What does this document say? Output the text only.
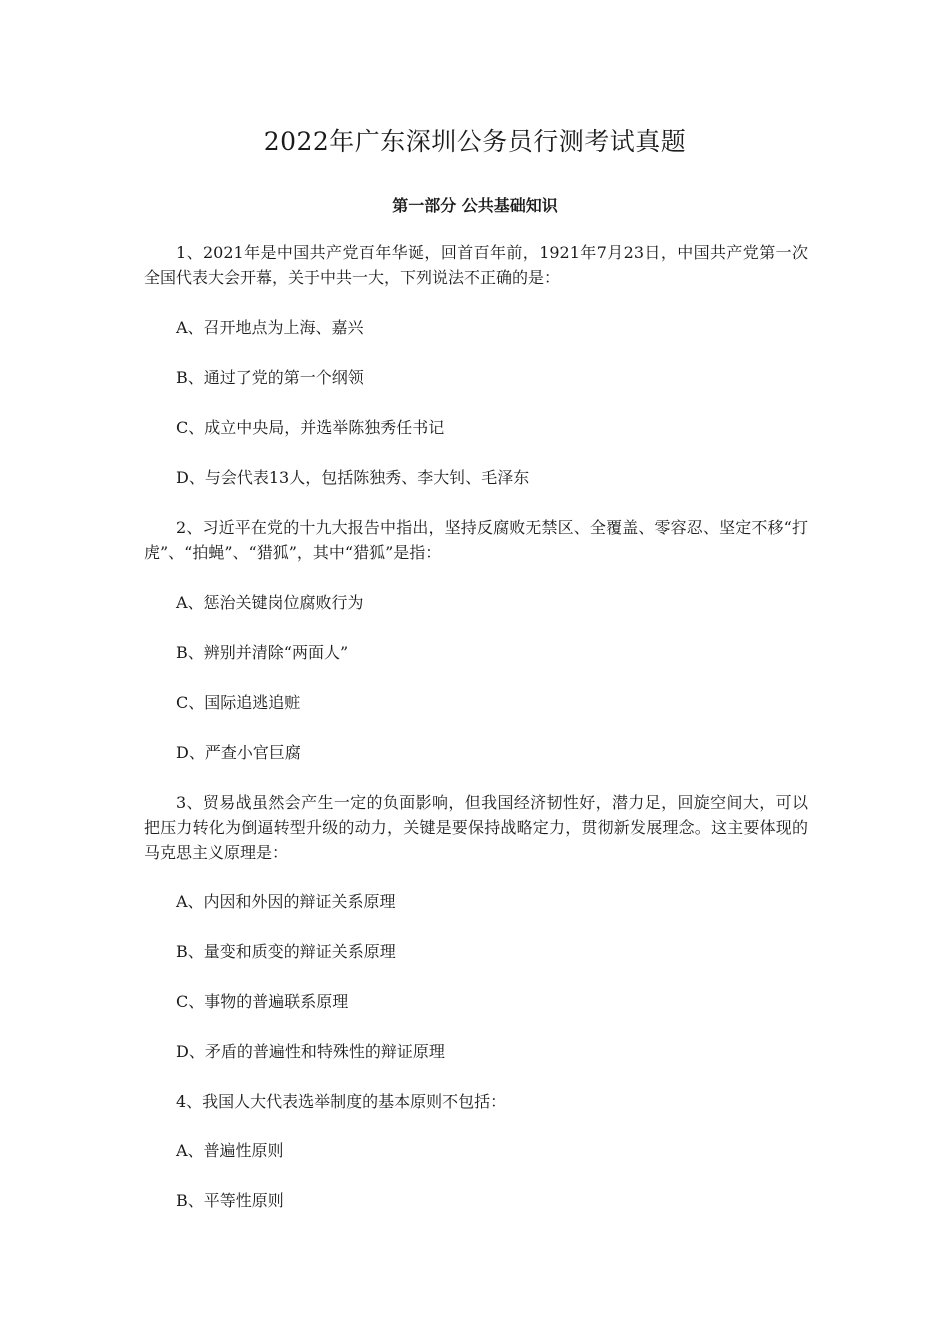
2022年广东深圳公务员行测考试真题
第一部分 公共基础知识
1、2021年是中国共产党百年华诞，回首百年前，1921年7月23日，中国共产党第一次全国代表大会开幕，关于中共一大，下列说法不正确的是：
A、召开地点为上海、嘉兴
B、通过了党的第一个纲领
C、成立中央局，并选举陈独秀任书记
D、与会代表13人，包括陈独秀、李大钊、毛泽东
2、习近平在党的十九大报告中指出，坚持反腐败无禁区、全覆盖、零容忍、坚定不移“打虎”、“拍蝇”、“猎狐”，其中“猎狐”是指：
A、惩治关键岗位腐败行为
B、辨别并清除“两面人”
C、国际追逃追赃
D、严查小官巨腐
3、贸易战虽然会产生一定的负面影响，但我国经济韧性好，潜力足，回旋空间大，可以把压力转化为倒逼转型升级的动力，关键是要保持战略定力，贯彻新发展理念。这主要体现的马克思主义原理是：
A、内因和外因的辩证关系原理
B、量变和质变的辩证关系原理
C、事物的普遍联系原理
D、矛盾的普遍性和特殊性的辩证原理
4、我国人大代表选举制度的基本原则不包括：
A、普遍性原则
B、平等性原则
